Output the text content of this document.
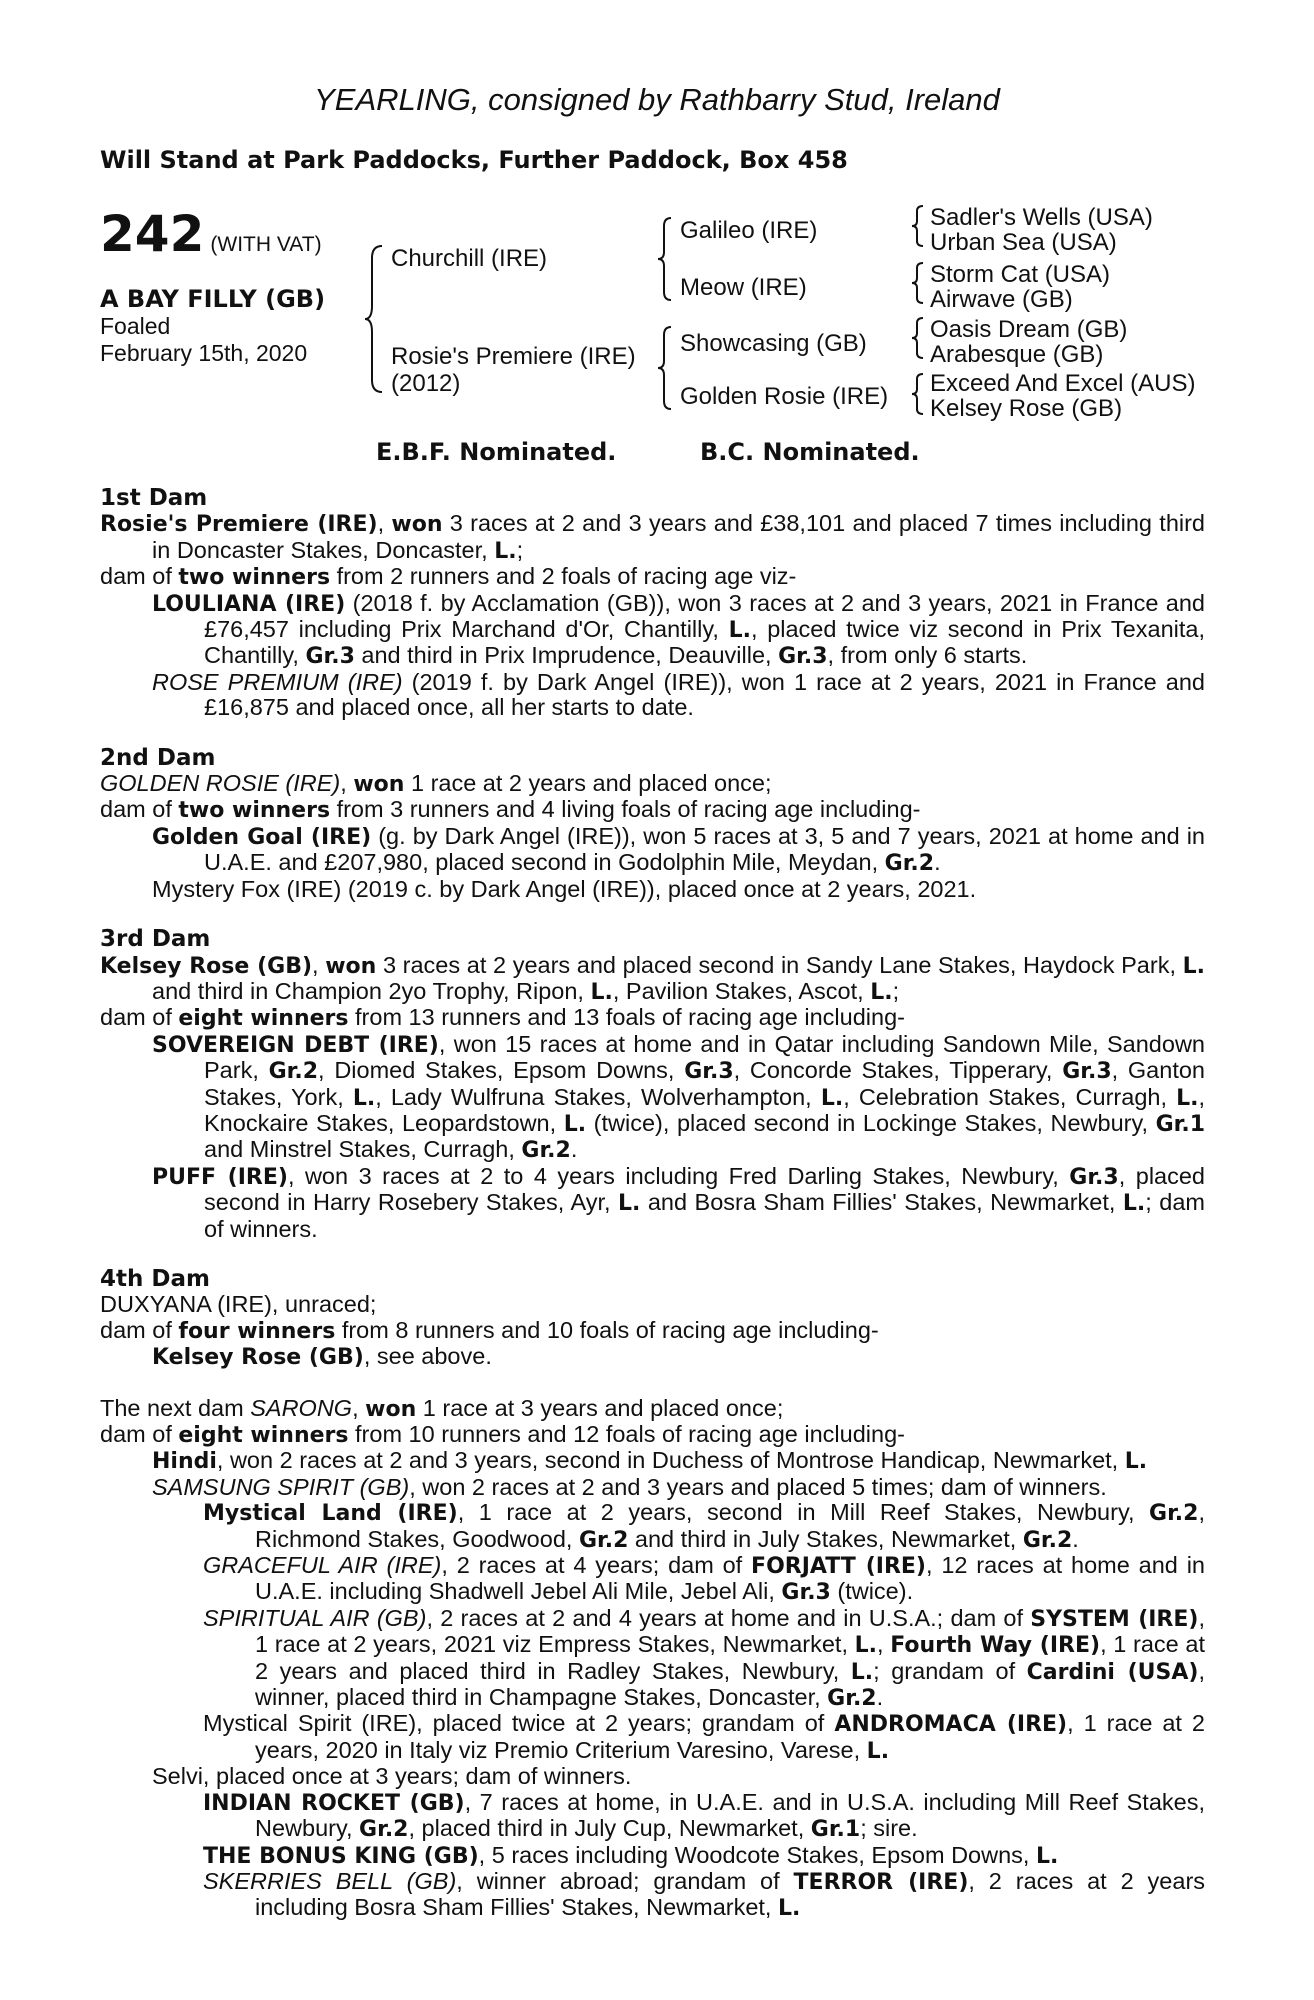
YEARLING, consigned by Rathbarry Stud, Ireland
Will Stand at Park Paddocks, Further Paddock, Box 458
242 (WITH VAT)
A BAY FILLY (GB)
Foaled
February 15th, 2020
Churchill (IRE)
Rosie's Premiere (IRE)
(2012)
Galileo (IRE)
Meow (IRE)
Showcasing (GB)
Golden Rosie (IRE)
Sadler's Wells (USA)
Urban Sea (USA)
Storm Cat (USA)
Airwave (GB)
Oasis Dream (GB)
Arabesque (GB)
Exceed And Excel (AUS)
Kelsey Rose (GB)
E.B.F. Nominated.	B.C. Nominated.
1st Dam
Rosie's Premiere (IRE), won 3 races at 2 and 3 years and £38,101 and placed 7 times including third in Doncaster Stakes, Doncaster, L.;
dam of two winners from 2 runners and 2 foals of racing age viz-
LOULIANA (IRE) (2018 f. by Acclamation (GB)), won 3 races at 2 and 3 years, 2021 in France and £76,457 including Prix Marchand d'Or, Chantilly, L., placed twice viz second in Prix Texanita, Chantilly, Gr.3 and third in Prix Imprudence, Deauville, Gr.3, from only 6 starts.
ROSE PREMIUM (IRE) (2019 f. by Dark Angel (IRE)), won 1 race at 2 years, 2021 in France and £16,875 and placed once, all her starts to date.
2nd Dam
GOLDEN ROSIE (IRE), won 1 race at 2 years and placed once;
dam of two winners from 3 runners and 4 living foals of racing age including-
Golden Goal (IRE) (g. by Dark Angel (IRE)), won 5 races at 3, 5 and 7 years, 2021 at home and in U.A.E. and £207,980, placed second in Godolphin Mile, Meydan, Gr.2.
Mystery Fox (IRE) (2019 c. by Dark Angel (IRE)), placed once at 2 years, 2021.
3rd Dam
Kelsey Rose (GB), won 3 races at 2 years and placed second in Sandy Lane Stakes, Haydock Park, L. and third in Champion 2yo Trophy, Ripon, L., Pavilion Stakes, Ascot, L.;
dam of eight winners from 13 runners and 13 foals of racing age including-
SOVEREIGN DEBT (IRE), won 15 races at home and in Qatar including Sandown Mile, Sandown Park, Gr.2, Diomed Stakes, Epsom Downs, Gr.3, Concorde Stakes, Tipperary, Gr.3, Ganton Stakes, York, L., Lady Wulfruna Stakes, Wolverhampton, L., Celebration Stakes, Curragh, L., Knockaire Stakes, Leopardstown, L. (twice), placed second in Lockinge Stakes, Newbury, Gr.1 and Minstrel Stakes, Curragh, Gr.2.
PUFF (IRE), won 3 races at 2 to 4 years including Fred Darling Stakes, Newbury, Gr.3, placed second in Harry Rosebery Stakes, Ayr, L. and Bosra Sham Fillies' Stakes, Newmarket, L.; dam of winners.
4th Dam
DUXYANA (IRE), unraced;
dam of four winners from 8 runners and 10 foals of racing age including-
Kelsey Rose (GB), see above.
The next dam SARONG, won 1 race at 3 years and placed once;
dam of eight winners from 10 runners and 12 foals of racing age including-
Hindi, won 2 races at 2 and 3 years, second in Duchess of Montrose Handicap, Newmarket, L.
SAMSUNG SPIRIT (GB), won 2 races at 2 and 3 years and placed 5 times; dam of winners.
Mystical Land (IRE), 1 race at 2 years, second in Mill Reef Stakes, Newbury, Gr.2, Richmond Stakes, Goodwood, Gr.2 and third in July Stakes, Newmarket, Gr.2.
GRACEFUL AIR (IRE), 2 races at 4 years; dam of FORJATT (IRE), 12 races at home and in U.A.E. including Shadwell Jebel Ali Mile, Jebel Ali, Gr.3 (twice).
SPIRITUAL AIR (GB), 2 races at 2 and 4 years at home and in U.S.A.; dam of SYSTEM (IRE), 1 race at 2 years, 2021 viz Empress Stakes, Newmarket, L., Fourth Way (IRE), 1 race at 2 years and placed third in Radley Stakes, Newbury, L.; grandam of Cardini (USA), winner, placed third in Champagne Stakes, Doncaster, Gr.2.
Mystical Spirit (IRE), placed twice at 2 years; grandam of ANDROMACA (IRE), 1 race at 2 years, 2020 in Italy viz Premio Criterium Varesino, Varese, L.
Selvi, placed once at 3 years; dam of winners.
INDIAN ROCKET (GB), 7 races at home, in U.A.E. and in U.S.A. including Mill Reef Stakes, Newbury, Gr.2, placed third in July Cup, Newmarket, Gr.1; sire.
THE BONUS KING (GB), 5 races including Woodcote Stakes, Epsom Downs, L.
SKERRIES BELL (GB), winner abroad; grandam of TERROR (IRE), 2 races at 2 years including Bosra Sham Fillies' Stakes, Newmarket, L.
